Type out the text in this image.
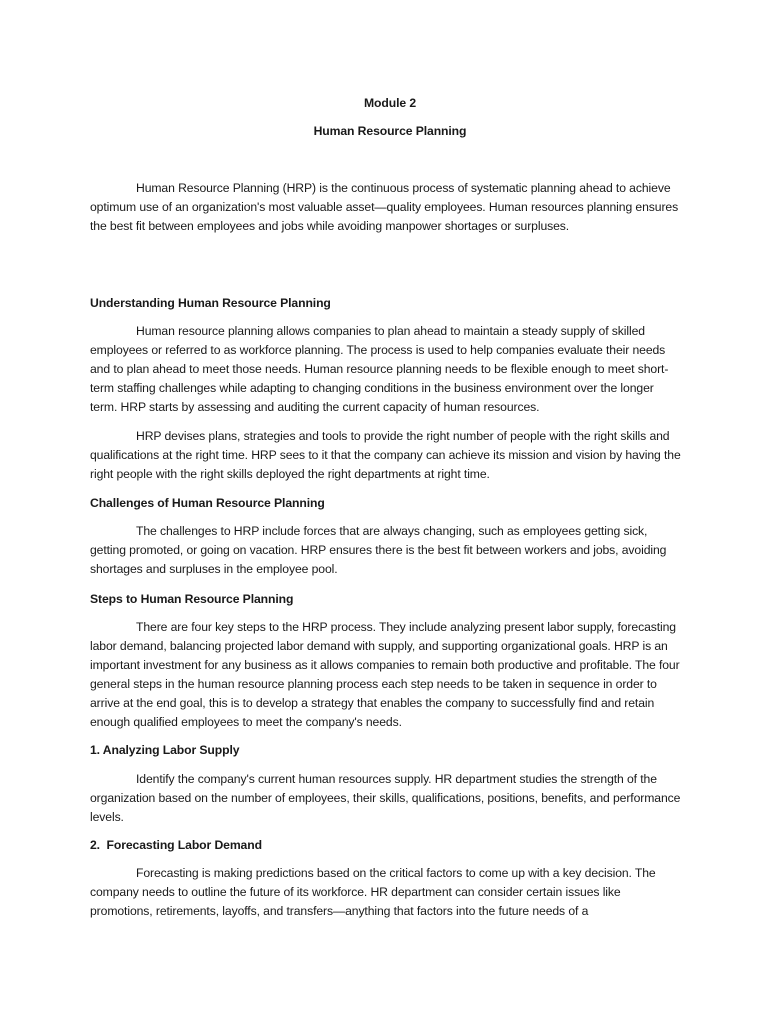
Module 2
Human Resource Planning

Human Resource Planning (HRP) is the continuous process of systematic planning ahead to achieve optimum use of an organization's most valuable asset—quality employees. Human resources planning ensures the best fit between employees and jobs while avoiding manpower shortages or surpluses.

Understanding Human Resource Planning

Human resource planning allows companies to plan ahead to maintain a steady supply of skilled employees or referred to as workforce planning. The process is used to help companies evaluate their needs and to plan ahead to meet those needs. Human resource planning needs to be flexible enough to meet short-term staffing challenges while adapting to changing conditions in the business environment over the longer term. HRP starts by assessing and auditing the current capacity of human resources.

HRP devises plans, strategies and tools to provide the right number of people with the right skills and qualifications at the right time. HRP sees to it that the company can achieve its mission and vision by having the right people with the right skills deployed the right departments at right time.

Challenges of Human Resource Planning

The challenges to HRP include forces that are always changing, such as employees getting sick, getting promoted, or going on vacation. HRP ensures there is the best fit between workers and jobs, avoiding shortages and surpluses in the employee pool.

Steps to Human Resource Planning

There are four key steps to the HRP process. They include analyzing present labor supply, forecasting labor demand, balancing projected labor demand with supply, and supporting organizational goals. HRP is an important investment for any business as it allows companies to remain both productive and profitable. The four general steps in the human resource planning process each step needs to be taken in sequence in order to arrive at the end goal, this is to develop a strategy that enables the company to successfully find and retain enough qualified employees to meet the company's needs.

1. Analyzing Labor Supply

Identify the company's current human resources supply. HR department studies the strength of the organization based on the number of employees, their skills, qualifications, positions, benefits, and performance levels.

2.  Forecasting Labor Demand

Forecasting is making predictions based on the critical factors to come up with a key decision. The company needs to outline the future of its workforce. HR department can consider certain issues like promotions, retirements, layoffs, and transfers—anything that factors into the future needs of a
